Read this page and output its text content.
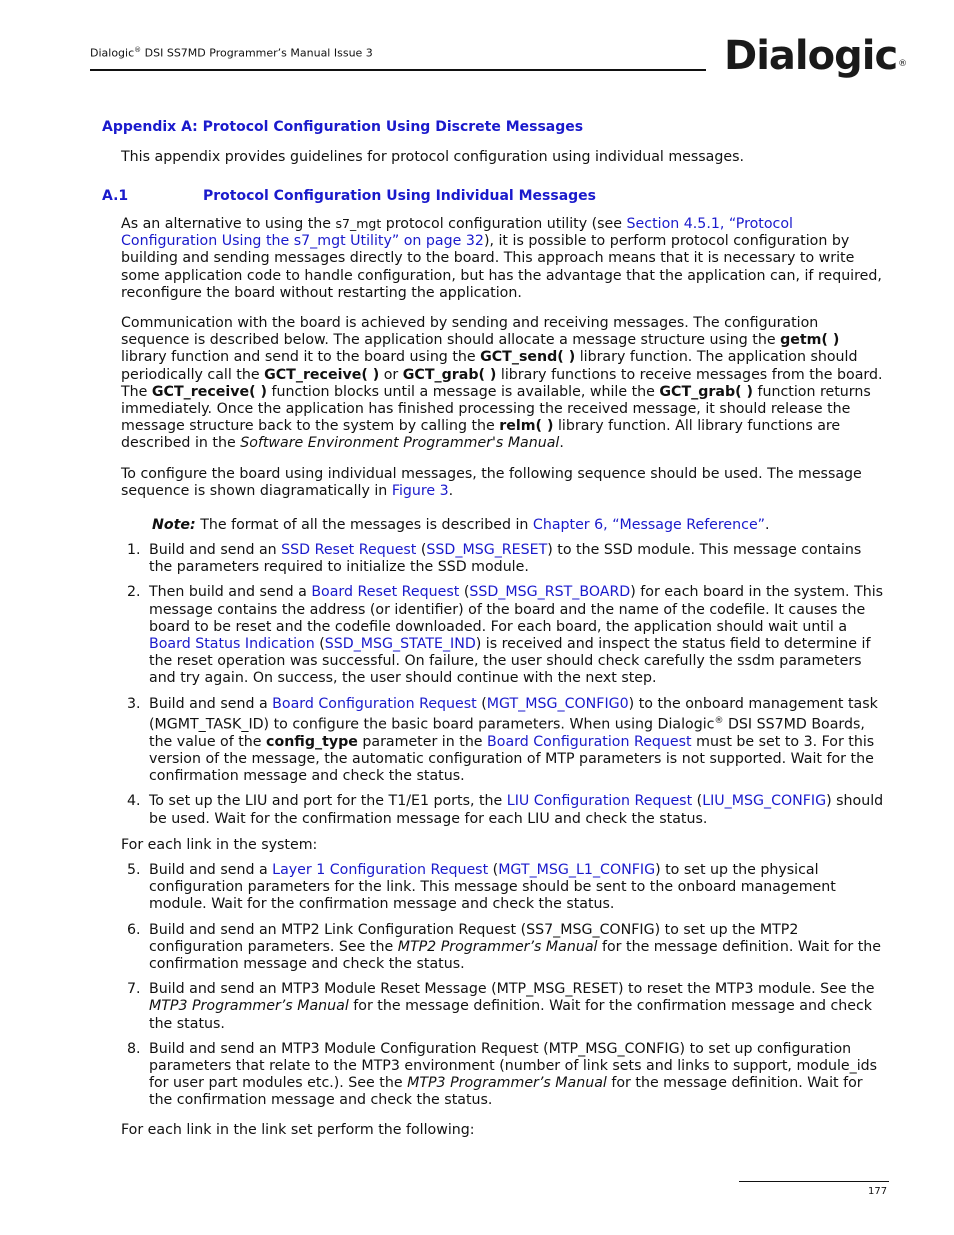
Dialogic® DSI SS7MD Programmer’s Manual Issue 3	Dialogic®
Appendix A: Protocol Configuration Using Discrete Messages
This appendix provides guidelines for protocol configuration using individual messages.
A.1	Protocol Configuration Using Individual Messages
As an alternative to using the s7_mgt protocol configuration utility (see Section 4.5.1, “Protocol Configuration Using the s7_mgt Utility” on page 32), it is possible to perform protocol configuration by building and sending messages directly to the board. This approach means that it is necessary to write some application code to handle configuration, but has the advantage that the application can, if required, reconfigure the board without restarting the application.
Communication with the board is achieved by sending and receiving messages. The configuration sequence is described below. The application should allocate a message structure using the getm( ) library function and send it to the board using the GCT_send( ) library function. The application should periodically call the GCT_receive( ) or GCT_grab( ) library functions to receive messages from the board. The GCT_receive( ) function blocks until a message is available, while the GCT_grab( ) function returns immediately. Once the application has finished processing the received message, it should release the message structure back to the system by calling the relm( ) library function. All library functions are described in the Software Environment Programmer's Manual.
To configure the board using individual messages, the following sequence should be used. The message sequence is shown diagramatically in Figure 3.
Note: The format of all the messages is described in Chapter 6, “Message Reference”.
1. Build and send an SSD Reset Request (SSD_MSG_RESET) to the SSD module. This message contains the parameters required to initialize the SSD module.
2. Then build and send a Board Reset Request (SSD_MSG_RST_BOARD) for each board in the system. This message contains the address (or identifier) of the board and the name of the codefile. It causes the board to be reset and the codefile downloaded. For each board, the application should wait until a Board Status Indication (SSD_MSG_STATE_IND) is received and inspect the status field to determine if the reset operation was successful. On failure, the user should check carefully the ssdm parameters and try again. On success, the user should continue with the next step.
3. Build and send a Board Configuration Request (MGT_MSG_CONFIG0) to the onboard management task (MGMT_TASK_ID) to configure the basic board parameters. When using Dialogic® DSI SS7MD Boards, the value of the config_type parameter in the Board Configuration Request must be set to 3. For this version of the message, the automatic configuration of MTP parameters is not supported. Wait for the confirmation message and check the status.
4. To set up the LIU and port for the T1/E1 ports, the LIU Configuration Request (LIU_MSG_CONFIG) should be used. Wait for the confirmation message for each LIU and check the status.
For each link in the system:
5. Build and send a Layer 1 Configuration Request (MGT_MSG_L1_CONFIG) to set up the physical configuration parameters for the link. This message should be sent to the onboard management module. Wait for the confirmation message and check the status.
6. Build and send an MTP2 Link Configuration Request (SS7_MSG_CONFIG) to set up the MTP2 configuration parameters. See the MTP2 Programmer’s Manual for the message definition. Wait for the confirmation message and check the status.
7. Build and send an MTP3 Module Reset Message (MTP_MSG_RESET) to reset the MTP3 module. See the MTP3 Programmer’s Manual for the message definition. Wait for the confirmation message and check the status.
8. Build and send an MTP3 Module Configuration Request (MTP_MSG_CONFIG) to set up configuration parameters that relate to the MTP3 environment (number of link sets and links to support, module_ids for user part modules etc.). See the MTP3 Programmer’s Manual for the message definition. Wait for the confirmation message and check the status.
For each link in the link set perform the following:
177
